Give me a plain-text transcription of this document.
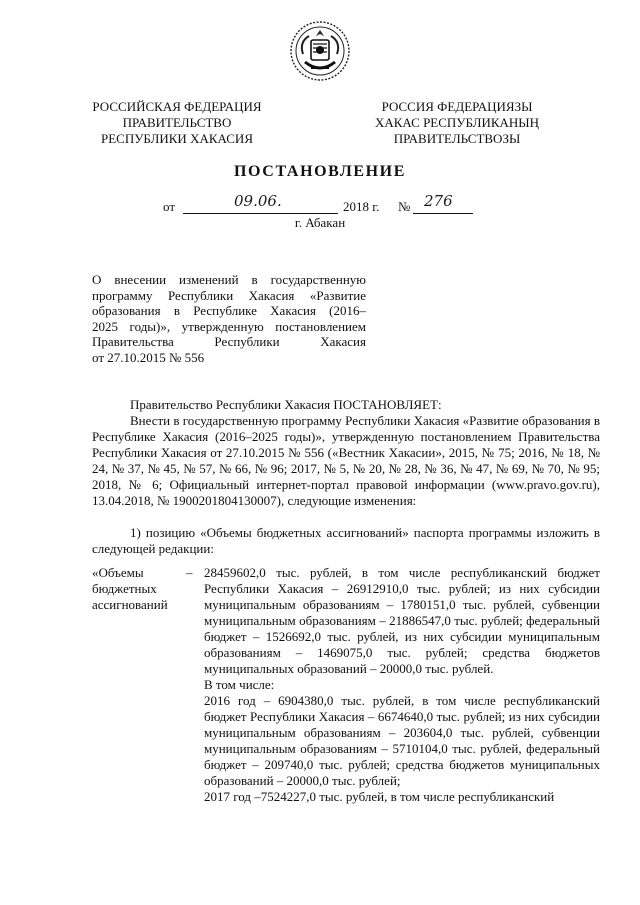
РОССИЙСКАЯ ФЕДЕРАЦИЯ
ПРАВИТЕЛЬСТВО
РЕСПУБЛИКИ ХАКАСИЯ
РОССИЯ ФЕДЕРАЦИЯЗЫ
ХАКАС РЕСПУБЛИКАНЫҢ
ПРАВИТЕЛЬСТВОЗЫ
ПОСТАНОВЛЕНИЕ
от	09.06.	2018 г. № 276
г. Абакан
О внесении изменений в государственную
программу Республики Хакасия «Развитие
образования в Республике Хакасия (2016–
2025 годы)», утвержденную постановлением
Правительства Республики Хакасия
от 27.10.2015 № 556
Правительство Республики Хакасия ПОСТАНОВЛЯЕТ:
Внести в государственную программу Республики Хакасия «Развитие образования в Республике Хакасия (2016–2025 годы)», утвержденную постановлением Правительства Республики Хакасия от 27.10.2015 № 556 («Вестник Хакасии», 2015, № 75; 2016, № 18, № 24, № 37, № 45, № 57, № 66, № 96; 2017, № 5, № 20, № 28, № 36, № 47, № 69, № 70, № 95; 2018, № 6; Официальный интернет-портал правовой информации (www.pravo.gov.ru), 13.04.2018, № 1900201804130007), следующие изменения:
1) позицию «Объемы бюджетных ассигнований» паспорта программы изложить в следующей редакции:
«Объемы
бюджетных
ассигнований
– 28459602,0 тыс. рублей, в том числе республиканский бюджет Республики Хакасия – 26912910,0 тыс. рублей; из них субсидии муниципальным образованиям – 1780151,0 тыс. рублей, субвенции муниципальным образованиям – 21886547,0 тыс. рублей; федеральный бюджет – 1526692,0 тыс. рублей, из них субсидии муниципальным образованиям – 1469075,0 тыс. рублей; средства бюджетов муниципальных образований – 20000,0 тыс. рублей.

В том числе:

2016 год – 6904380,0 тыс. рублей, в том числе республиканский бюджет Республики Хакасия – 6674640,0 тыс. рублей; из них субсидии муниципальным образованиям – 203604,0 тыс. рублей, субвенции муниципальным образованиям – 5710104,0 тыс. рублей, федеральный бюджет – 209740,0 тыс. рублей; средства бюджетов муниципальных образований – 20000,0 тыс. рублей;

2017 год –7524227,0 тыс. рублей, в том числе республиканский
